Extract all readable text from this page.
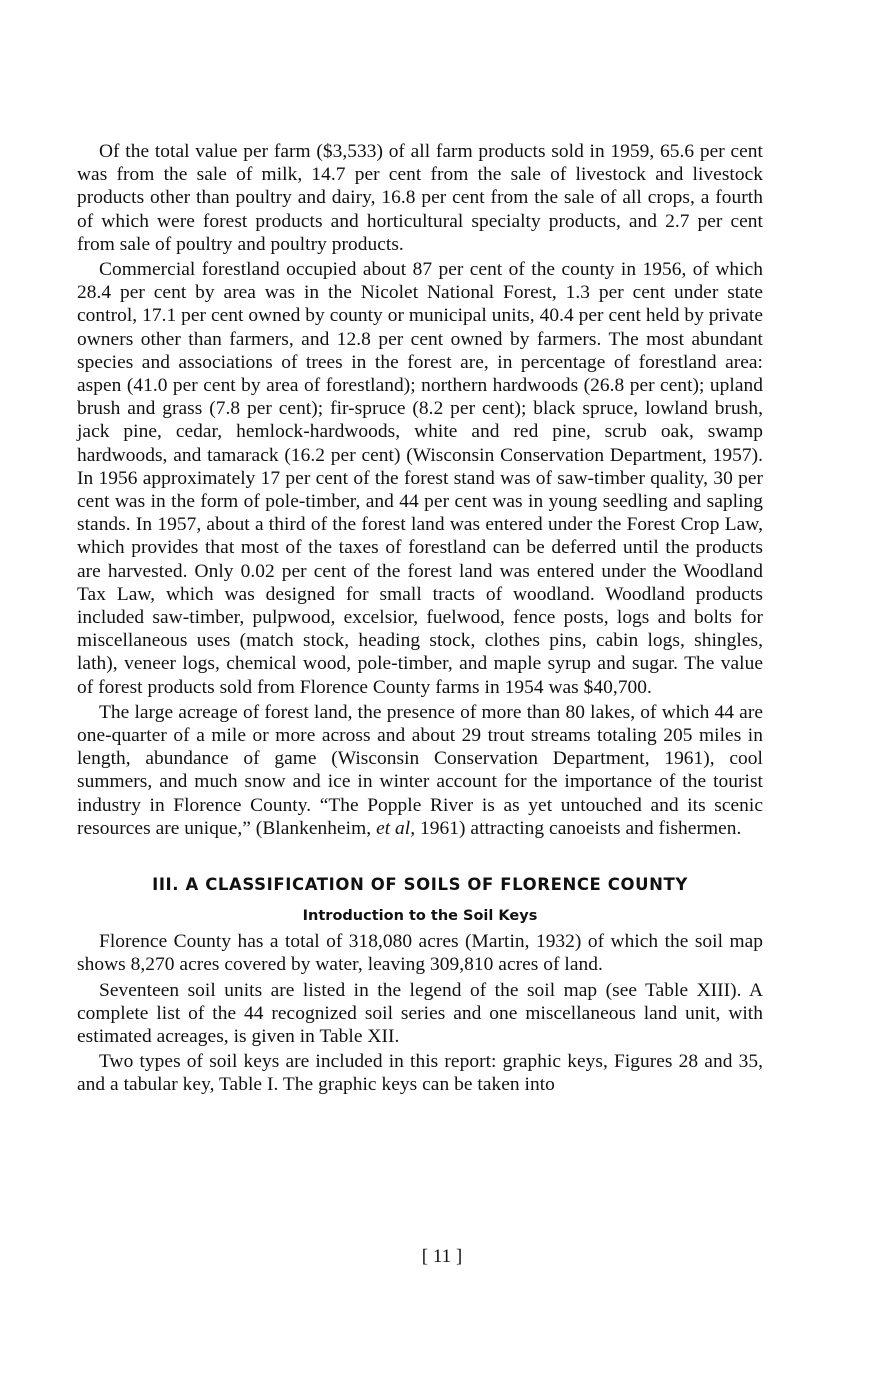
Of the total value per farm ($3,533) of all farm products sold in 1959, 65.6 per cent was from the sale of milk, 14.7 per cent from the sale of livestock and livestock products other than poultry and dairy, 16.8 per cent from the sale of all crops, a fourth of which were forest products and horticultural specialty products, and 2.7 per cent from sale of poultry and poultry products.

Commercial forestland occupied about 87 per cent of the county in 1956, of which 28.4 per cent by area was in the Nicolet National Forest, 1.3 per cent under state control, 17.1 per cent owned by county or municipal units, 40.4 per cent held by private owners other than farmers, and 12.8 per cent owned by farmers. The most abundant species and associations of trees in the forest are, in percentage of forestland area: aspen (41.0 per cent by area of forestland); northern hardwoods (26.8 per cent); upland brush and grass (7.8 per cent); fir-spruce (8.2 per cent); black spruce, lowland brush, jack pine, cedar, hemlock-hardwoods, white and red pine, scrub oak, swamp hardwoods, and tamarack (16.2 per cent) (Wisconsin Conservation Department, 1957). In 1956 approximately 17 per cent of the forest stand was of saw-timber quality, 30 per cent was in the form of pole-timber, and 44 per cent was in young seedling and sapling stands. In 1957, about a third of the forest land was entered under the Forest Crop Law, which provides that most of the taxes of forestland can be deferred until the products are harvested. Only 0.02 per cent of the forest land was entered under the Woodland Tax Law, which was designed for small tracts of woodland. Woodland products included saw-timber, pulpwood, excelsior, fuelwood, fence posts, logs and bolts for miscellaneous uses (match stock, heading stock, clothes pins, cabin logs, shingles, lath), veneer logs, chemical wood, pole-timber, and maple syrup and sugar. The value of forest products sold from Florence County farms in 1954 was $40,700.

The large acreage of forest land, the presence of more than 80 lakes, of which 44 are one-quarter of a mile or more across and about 29 trout streams totaling 205 miles in length, abundance of game (Wisconsin Conservation Department, 1961), cool summers, and much snow and ice in winter account for the importance of the tourist industry in Florence County. “The Popple River is as yet untouched and its scenic resources are unique,” (Blankenheim, et al, 1961) attracting canoeists and fishermen.

III. A CLASSIFICATION OF SOILS OF FLORENCE COUNTY
Introduction to the Soil Keys

Florence County has a total of 318,080 acres (Martin, 1932) of which the soil map shows 8,270 acres covered by water, leaving 309,810 acres of land.

Seventeen soil units are listed in the legend of the soil map (see Table XIII). A complete list of the 44 recognized soil series and one miscellaneous land unit, with estimated acreages, is given in Table XII.

Two types of soil keys are included in this report: graphic keys, Figures 28 and 35, and a tabular key, Table I. The graphic keys can be taken into

[ 11 ]
